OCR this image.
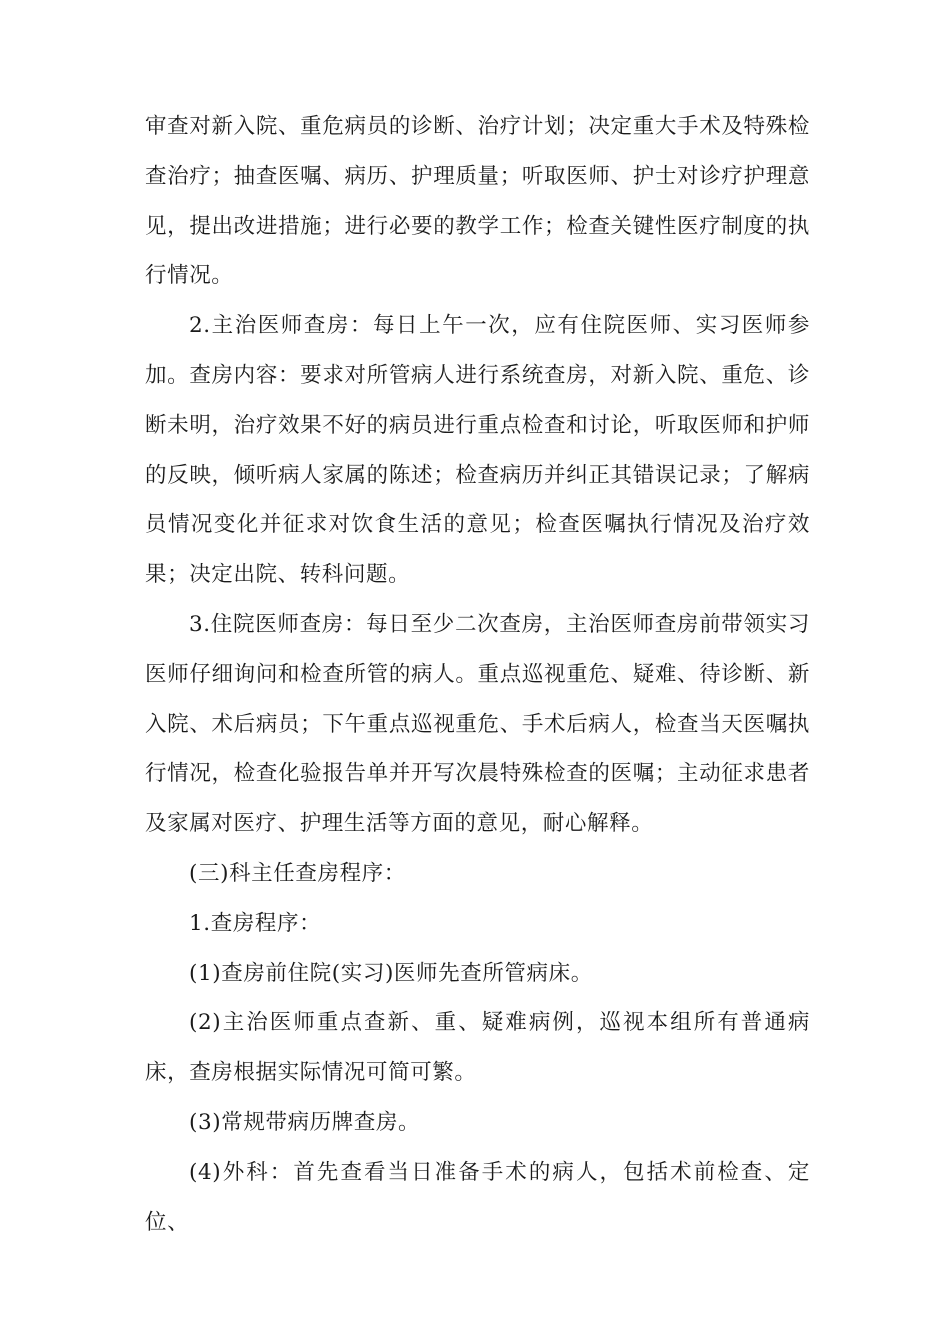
审查对新入院、重危病员的诊断、治疗计划；决定重大手术及特殊检查治疗；抽查医嘱、病历、护理质量；听取医师、护士对诊疗护理意见，提出改进措施；进行必要的教学工作；检查关键性医疗制度的执行情况。

2.主治医师查房：每日上午一次，应有住院医师、实习医师参加。查房内容：要求对所管病人进行系统查房，对新入院、重危、诊断未明，治疗效果不好的病员进行重点检查和讨论，听取医师和护师的反映，倾听病人家属的陈述；检查病历并纠正其错误记录；了解病员情况变化并征求对饮食生活的意见；检查医嘱执行情况及治疗效果；决定出院、转科问题。

3.住院医师查房：每日至少二次查房，主治医师查房前带领实习医师仔细询问和检查所管的病人。重点巡视重危、疑难、待诊断、新入院、术后病员；下午重点巡视重危、手术后病人，检查当天医嘱执行情况，检查化验报告单并开写次晨特殊检查的医嘱；主动征求患者及家属对医疗、护理生活等方面的意见，耐心解释。

(三)科主任查房程序：

1.查房程序：

(1)查房前住院(实习)医师先查所管病床。

(2)主治医师重点查新、重、疑难病例，巡视本组所有普通病床，查房根据实际情况可简可繁。

(3)常规带病历牌查房。

(4)外科：首先查看当日准备手术的病人，包括术前检查、定位、
